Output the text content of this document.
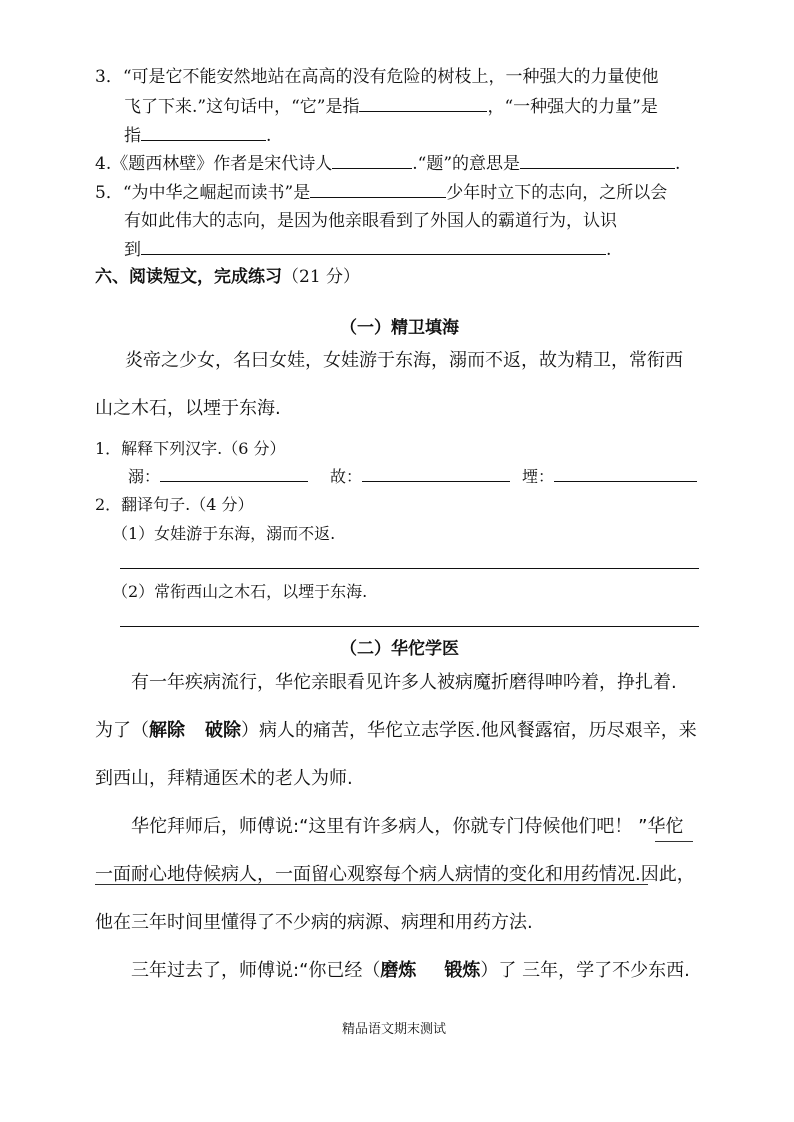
3．“可是它不能安然地站在高高的没有危险的树枝上，一种强大的力量使他
飞了下来.”这句话中，“它”是指	，“一种强大的力量”是
指	.
4.《题西林壁》作者是宋代诗人	.“题”的意思是	.
5．“为中华之崛起而读书”是	少年时立下的志向，之所以会
有如此伟大的志向，是因为他亲眼看到了外国人的霸道行为，认识
到	.
六、阅读短文，完成练习（21 分）
（一）精卫填海
炎帝之少女，名曰女娃，女娃游于东海，溺而不返，故为精卫，常衔西
山之木石，以堙于东海.
1．解释下列汉字.（6 分）
溺：	故：	堙：
2．翻译句子.（4 分）
（1）女娃游于东海，溺而不返.
（2）常衔西山之木石，以堙于东海.
（二）华佗学医
有一年疾病流行，华佗亲眼看见许多人被病魔折磨得呻吟着，挣扎着.
为了（解除 破除）病人的痛苦，华佗立志学医.他风餐露宿，历尽艰辛，来
到西山，拜精通医术的老人为师.
华佗拜师后，师傅说:“这里有许多病人，你就专门侍候他们吧！ ”华佗
一面耐心地侍候病人，一面留心观察每个病人病情的变化和用药情况.因此，
他在三年时间里懂得了不少病的病源、病理和用药方法.
三年过去了，师傅说:“你已经（磨炼 锻炼）了 三年，学了不少东西.
精品语文期末测试
